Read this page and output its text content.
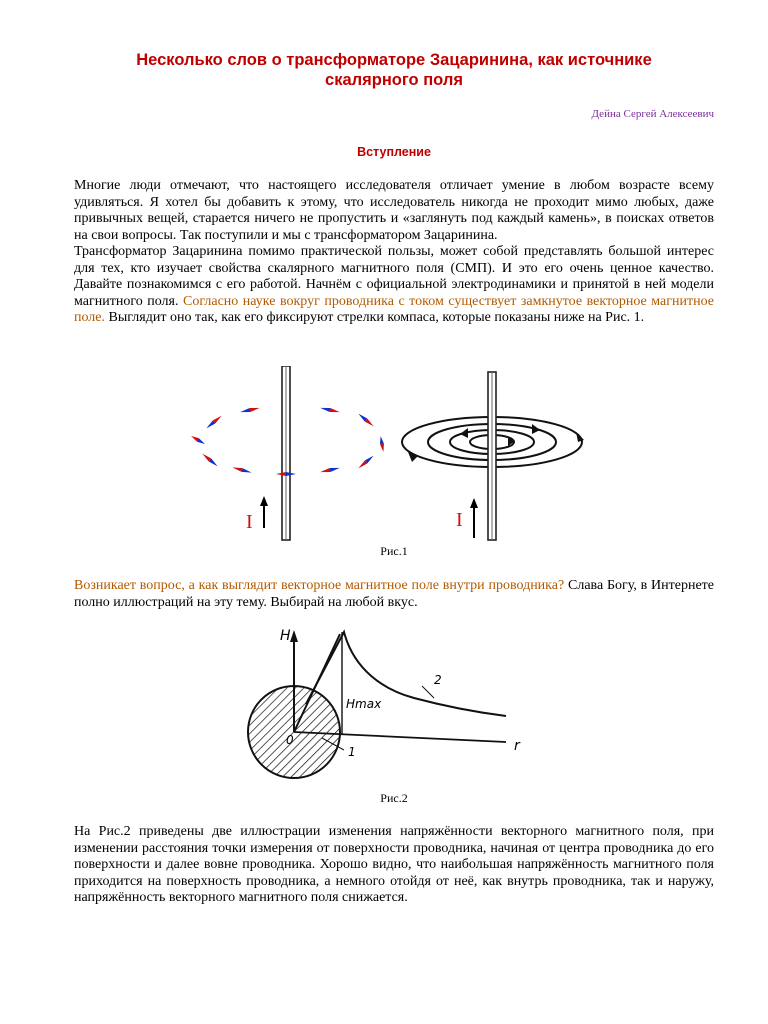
Несколько слов о трансформаторе Зацаринина, как источнике
скалярного поля
Дейна Сергей Алексеевич
Вступление

Многие люди отмечают, что настоящего исследователя отличает умение в любом возрасте всему удивляться. Я хотел бы добавить к этому, что исследователь никогда не проходит мимо любых, даже привычных вещей, старается ничего не пропустить и «заглянуть под каждый камень», в поисках ответов на свои вопросы. Так поступили и мы с трансформатором Зацаринина.

Трансформатор Зацаринина помимо практической пользы, может собой представлять большой интерес для тех, кто изучает свойства скалярного магнитного поля (СМП). И это его очень ценное качество. Давайте познакомимся с его работой. Начнём с официальной электродинамики и принятой в ней модели магнитного поля. Согласно науке вокруг проводника с током существует замкнутое векторное магнитное поле. Выглядит оно так, как его фиксируют стрелки компаса, которые показаны ниже на Рис. 1.

Рис.1

Возникает вопрос, а как выглядит векторное магнитное поле внутри проводника? Слава Богу, в Интернете полно иллюстраций на эту тему. Выбирай на любой вкус.

Рис.2

На Рис.2 приведены две иллюстрации изменения напряжённости векторного магнитного поля, при изменении расстояния точки измерения от поверхности проводника, начиная от центра проводника до его поверхности и далее вовне проводника. Хорошо видно, что наибольшая напряжённость магнитного поля приходится на поверхность проводника, а немного отойдя от неё, как внутрь проводника, так и наружу, напряжённость векторного магнитного поля снижается.

I	I
H
r
Hmax
0
1
2
